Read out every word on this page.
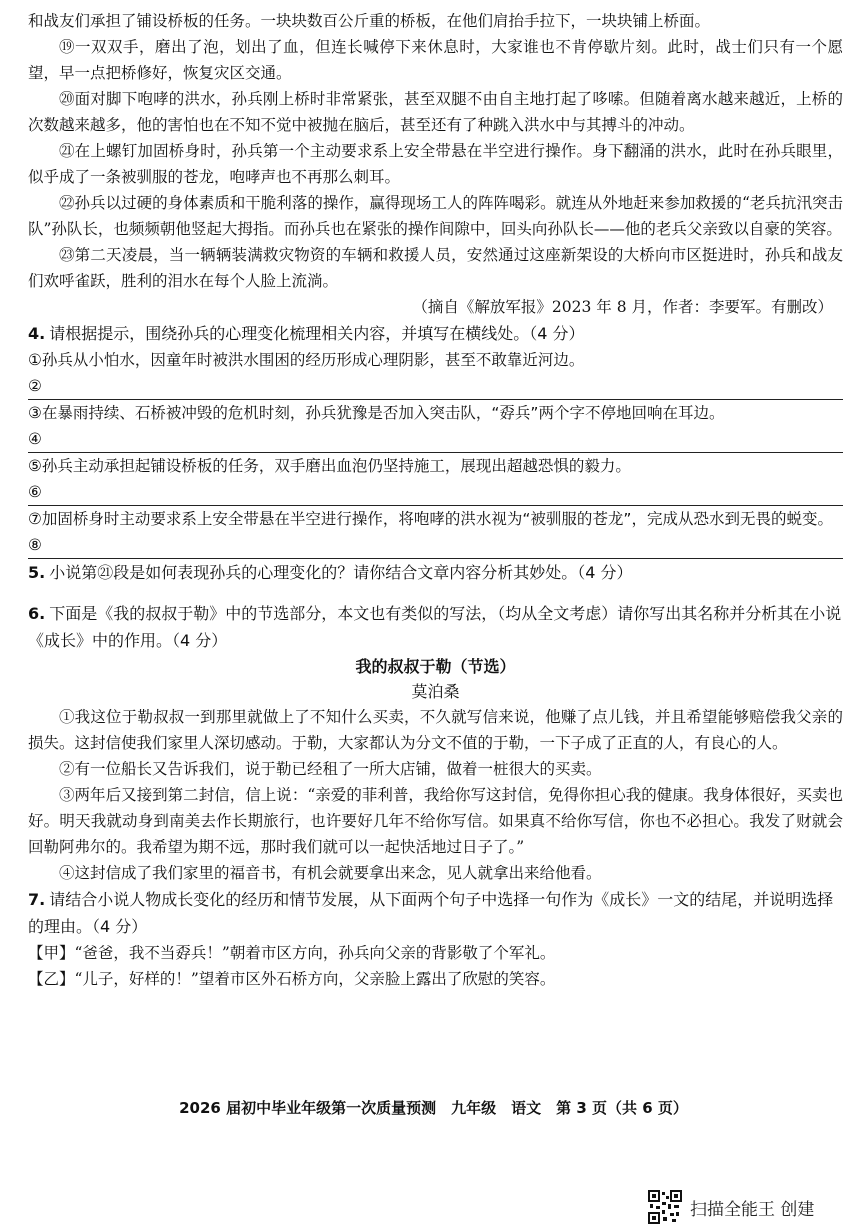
和战友们承担了铺设桥板的任务。一块块数百公斤重的桥板，在他们肩抬手拉下，一块块铺上桥面。

⑲一双双手，磨出了泡，划出了血，但连长喊停下来休息时，大家谁也不肯停歇片刻。此时，战士们只有一个愿望，早一点把桥修好，恢复灾区交通。

⑳面对脚下咆哮的洪水，孙兵刚上桥时非常紧张，甚至双腿不由自主地打起了哆嗦。但随着离水越来越近，上桥的次数越来越多，他的害怕也在不知不觉中被抛在脑后，甚至还有了种跳入洪水中与其搏斗的冲动。

㉑在上螺钉加固桥身时，孙兵第一个主动要求系上安全带悬在半空进行操作。身下翻涌的洪水，此时在孙兵眼里，似乎成了一条被驯服的苍龙，咆哮声也不再那么刺耳。

㉒孙兵以过硬的身体素质和干脆利落的操作，赢得现场工人的阵阵喝彩。就连从外地赶来参加救援的“老兵抗汛突击队”孙队长，也频频朝他竖起大拇指。而孙兵也在紧张的操作间隙中，回头向孙队长——他的老兵父亲致以自豪的笑容。

㉓第二天凌晨，当一辆辆装满救灾物资的车辆和救援人员，安然通过这座新架设的大桥向市区挺进时，孙兵和战友们欢呼雀跃，胜利的泪水在每个人脸上流淌。

（摘自《解放军报》2023 年 8 月，作者：李要军。有删改）

4. 请根据提示，围绕孙兵的心理变化梳理相关内容，并填写在横线处。（4 分）

①孙兵从小怕水，因童年时被洪水围困的经历形成心理阴影，甚至不敢靠近河边。

②

③在暴雨持续、石桥被冲毁的危机时刻，孙兵犹豫是否加入突击队，“孬兵”两个字不停地回响在耳边。

④

⑤孙兵主动承担起铺设桥板的任务，双手磨出血泡仍坚持施工，展现出超越恐惧的毅力。

⑥

⑦加固桥身时主动要求系上安全带悬在半空进行操作，将咆哮的洪水视为“被驯服的苍龙”，完成从恐水到无畏的蜕变。

⑧

5. 小说第㉑段是如何表现孙兵的心理变化的？请你结合文章内容分析其妙处。（4 分）

6. 下面是《我的叔叔于勒》中的节选部分，本文也有类似的写法，（均从全文考虑）请你写出其名称并分析其在小说《成长》中的作用。（4 分）

我的叔叔于勒（节选）

莫泊桑

①我这位于勒叔叔一到那里就做上了不知什么买卖，不久就写信来说，他赚了点儿钱，并且希望能够赔偿我父亲的损失。这封信使我们家里人深切感动。于勒，大家都认为分文不值的于勒，一下子成了正直的人，有良心的人。

②有一位船长又告诉我们，说于勒已经租了一所大店铺，做着一桩很大的买卖。

③两年后又接到第二封信，信上说：“亲爱的菲利普，我给你写这封信，免得你担心我的健康。我身体很好，买卖也好。明天我就动身到南美去作长期旅行，也许要好几年不给你写信。如果真不给你写信，你也不必担心。我发了财就会回勒阿弗尔的。我希望为期不远，那时我们就可以一起快活地过日子了。”

④这封信成了我们家里的福音书，有机会就要拿出来念，见人就拿出来给他看。

7. 请结合小说人物成长变化的经历和情节发展，从下面两个句子中选择一句作为《成长》一文的结尾，并说明选择的理由。（4 分）

【甲】“爸爸，我不当孬兵！”朝着市区方向，孙兵向父亲的背影敬了个军礼。

【乙】“儿子，好样的！”望着市区外石桥方向，父亲脸上露出了欣慰的笑容。

2026 届初中毕业年级第一次质量预测　九年级　语文　第 3 页（共 6 页）
扫描全能王 创建
